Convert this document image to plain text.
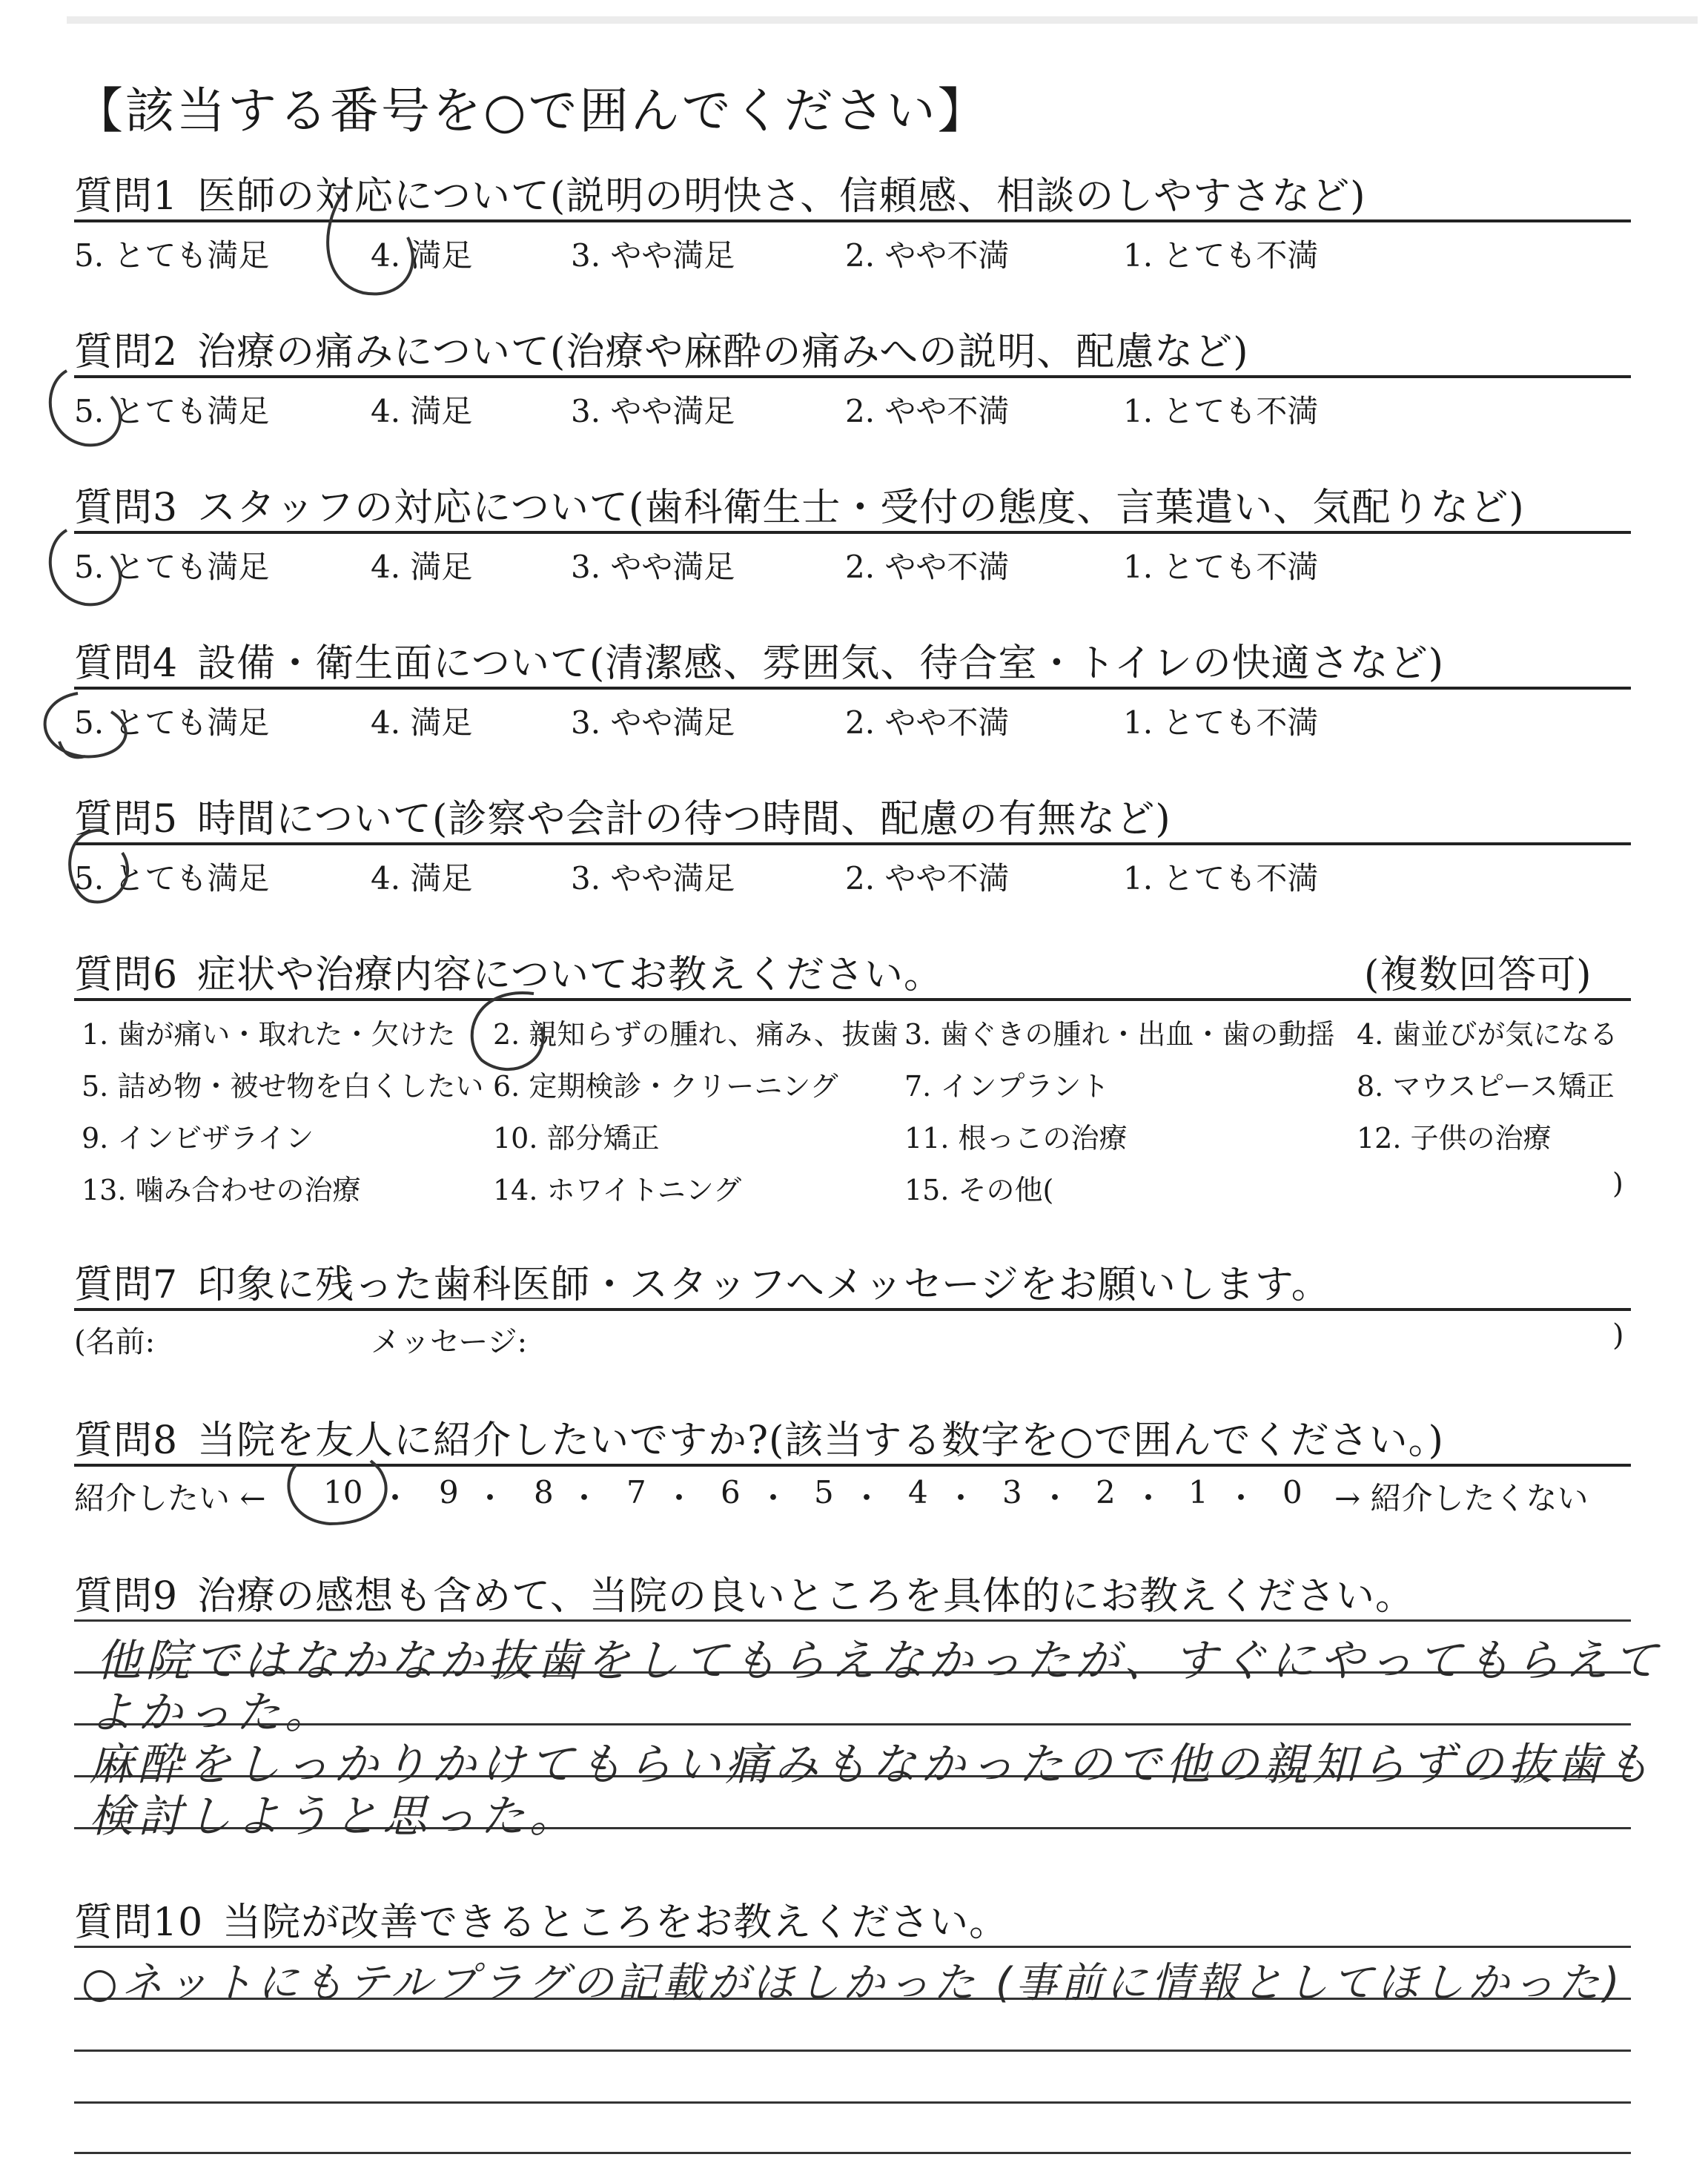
【該当する番号を○で囲んでください】
質問1 医師の対応について(説明の明快さ、信頼感、相談のしやすさなど)
5. とても満足	4. 満足	3. やや満足	2. やや不満	1. とても不満
質問2 治療の痛みについて(治療や麻酔の痛みへの説明、配慮など)
5. とても満足	4. 満足	3. やや満足	2. やや不満	1. とても不満
質問3 スタッフの対応について(歯科衛生士・受付の態度、言葉遣い、気配りなど)
5. とても満足	4. 満足	3. やや満足	2. やや不満	1. とても不満
質問4 設備・衛生面について(清潔感、雰囲気、待合室・トイレの快適さなど)
5. とても満足	4. 満足	3. やや満足	2. やや不満	1. とても不満
質問5 時間について(診察や会計の待つ時間、配慮の有無など)
5. とても満足	4. 満足	3. やや満足	2. やや不満	1. とても不満
質問6 症状や治療内容についてお教えください。	(複数回答可)
1. 歯が痛い・取れた・欠けた 2. 親知らずの腫れ、痛み、抜歯 3. 歯ぐきの腫れ・出血・歯の動揺 4. 歯並びが気になる
5. 詰め物・被せ物を白くしたい 6. 定期検診・クリーニング 7. インプラント	8. マウスピース矯正
9. インビザライン	10. 部分矯正	11. 根っこの治療	12. 子供の治療
13. 噛み合わせの治療	14. ホワイトニング	15. その他(	)
質問7 印象に残った歯科医師・スタッフへメッセージをお願いします。
(名前:	メッセージ:	)
質問8 当院を友人に紹介したいですか?(該当する数字を○で囲んでください。)
紹介したい ← 10 ・ 9 ・ 8 ・ 7 ・ 6 ・ 5 ・ 4 ・ 3 ・ 2 ・ 1 ・ 0 → 紹介したくない
質問9 治療の感想も含めて、当院の良いところを具体的にお教えください。
他院ではなかなか抜歯をしてもらえなかったが、すぐにやってもらえて
よかった。
麻酔をしっかりかけてもらい痛みもなかったので他の親知らずの抜歯も
検討しようと思った。
質問10 当院が改善できるところをお教えください。
○ネットにもテルプラグの記載がほしかった (事前に情報としてほしかった)
